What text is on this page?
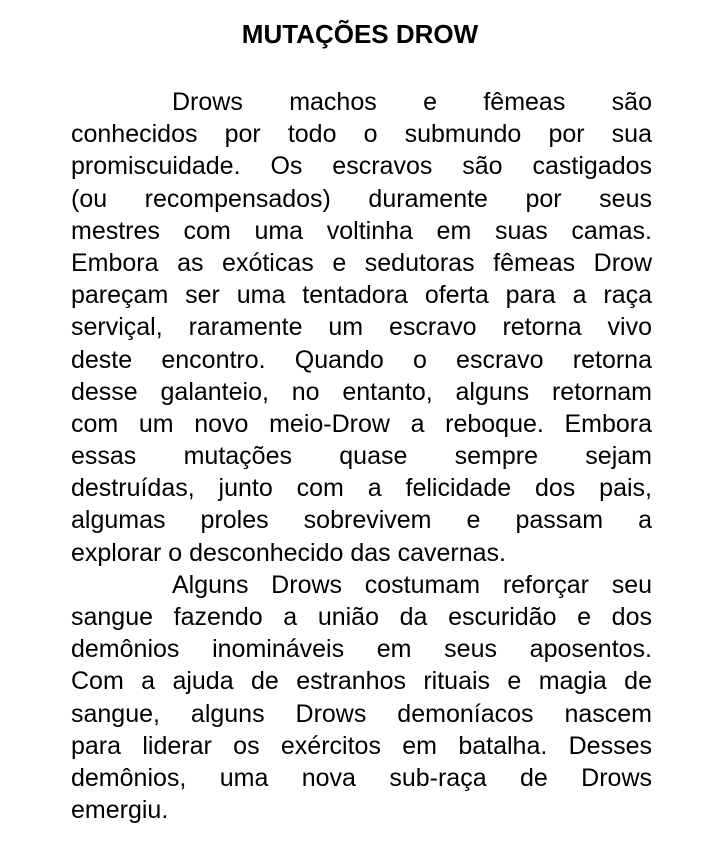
MUTAÇÕES DROW
Drows machos e fêmeas são
conhecidos por todo o submundo por sua
promiscuidade. Os escravos são castigados
(ou recompensados) duramente por seus
mestres com uma voltinha em suas camas.
Embora as exóticas e sedutoras fêmeas Drow
pareçam ser uma tentadora oferta para a raça
serviçal, raramente um escravo retorna vivo
deste encontro. Quando o escravo retorna
desse galanteio, no entanto, alguns retornam
com um novo meio-Drow a reboque. Embora
essas mutações quase sempre sejam
destruídas, junto com a felicidade dos pais,
algumas proles sobrevivem e passam a
explorar o desconhecido das cavernas.
Alguns Drows costumam reforçar seu
sangue fazendo a união da escuridão e dos
demônios inomináveis em seus aposentos.
Com a ajuda de estranhos rituais e magia de
sangue, alguns Drows demoníacos nascem
para liderar os exércitos em batalha. Desses
demônios, uma nova sub-raça de Drows
emergiu.
